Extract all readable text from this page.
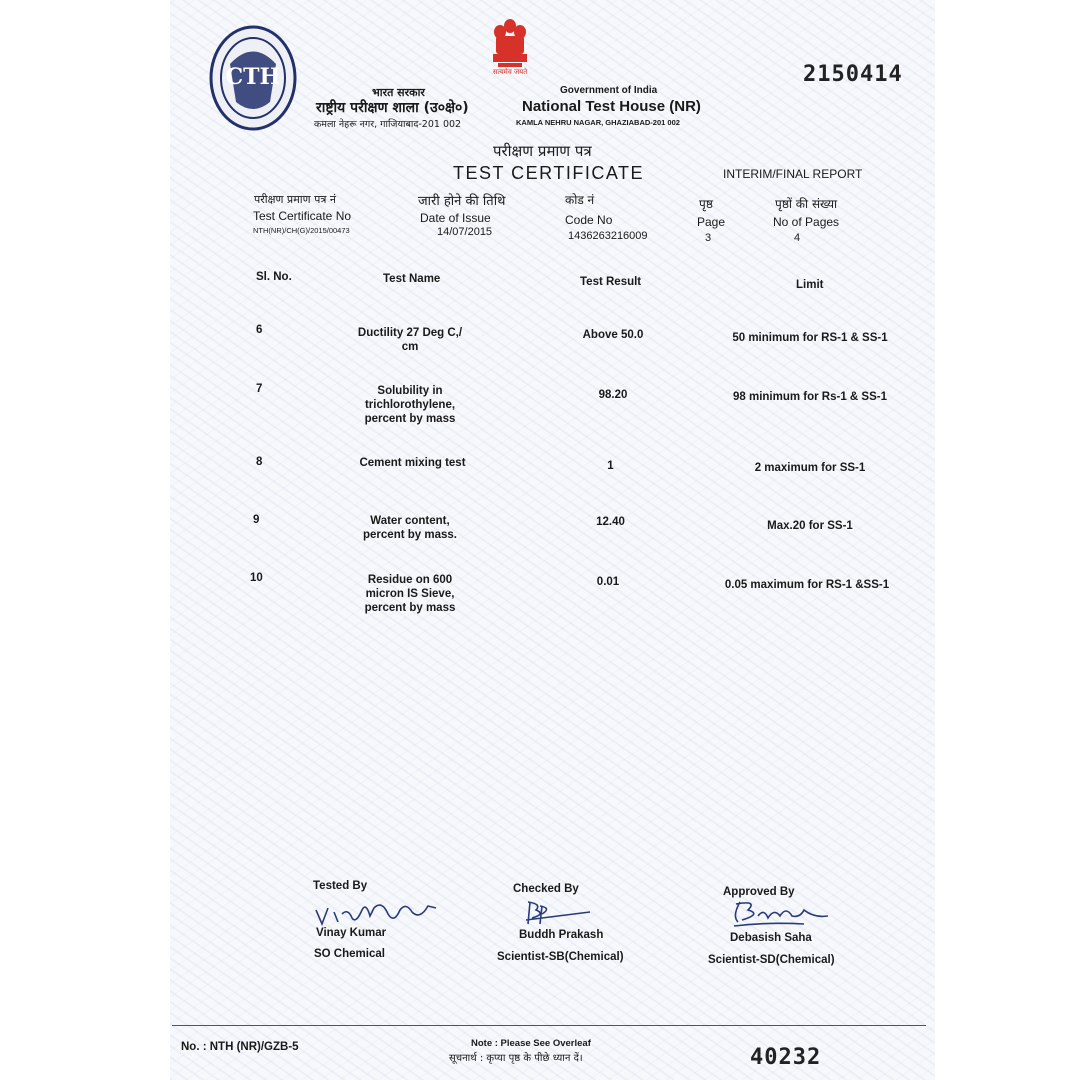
CTH	सत्यमेव जयते	2150414
भारत सरकार
राष्ट्रीय परीक्षण शाला (उ०क्षे०)
कमला नेहरू नगर, गाजियाबाद-201 002
Government of India
National Test House (NR)
KAMLA NEHRU NAGAR, GHAZIABAD-201 002
परीक्षण प्रमाण पत्र
TEST CERTIFICATE	INTERIM/FINAL REPORT
परीक्षण प्रमाण पत्र नं
Test Certificate No
NTH(NR)/CH(G)/2015/00473
जारी होने की तिथि
Date of Issue
14/07/2015
कोड नं
Code No
1436263216009
पृष्ठ
Page
3
पृष्ठों की संख्या
No of Pages
4
Sl. No.	Test Name	Test Result	Limit
6	Ductility 27 Deg C,/
cm
Above 50.0	50 minimum for RS-1 & SS-1
7	Solubility in
trichlorothylene,
percent by mass
98.20	98 minimum for Rs-1 & SS-1
8	Cement mixing test	1	2 maximum for SS-1
9	Water content,
percent by mass.
12.40	Max.20 for SS-1
10	Residue on 600
micron IS Sieve,
percent by mass
0.01	0.05 maximum for RS-1 &SS-1
Tested By
Vinay Kumar
SO Chemical
Checked By
Buddh Prakash
Scientist-SB(Chemical)
Approved By
Debasish Saha
Scientist-SD(Chemical)
No. : NTH (NR)/GZB-5	Note : Please See Overleaf
सूचनार्थ : कृप्या पृष्ठ के पीछे ध्यान दें।	40232
